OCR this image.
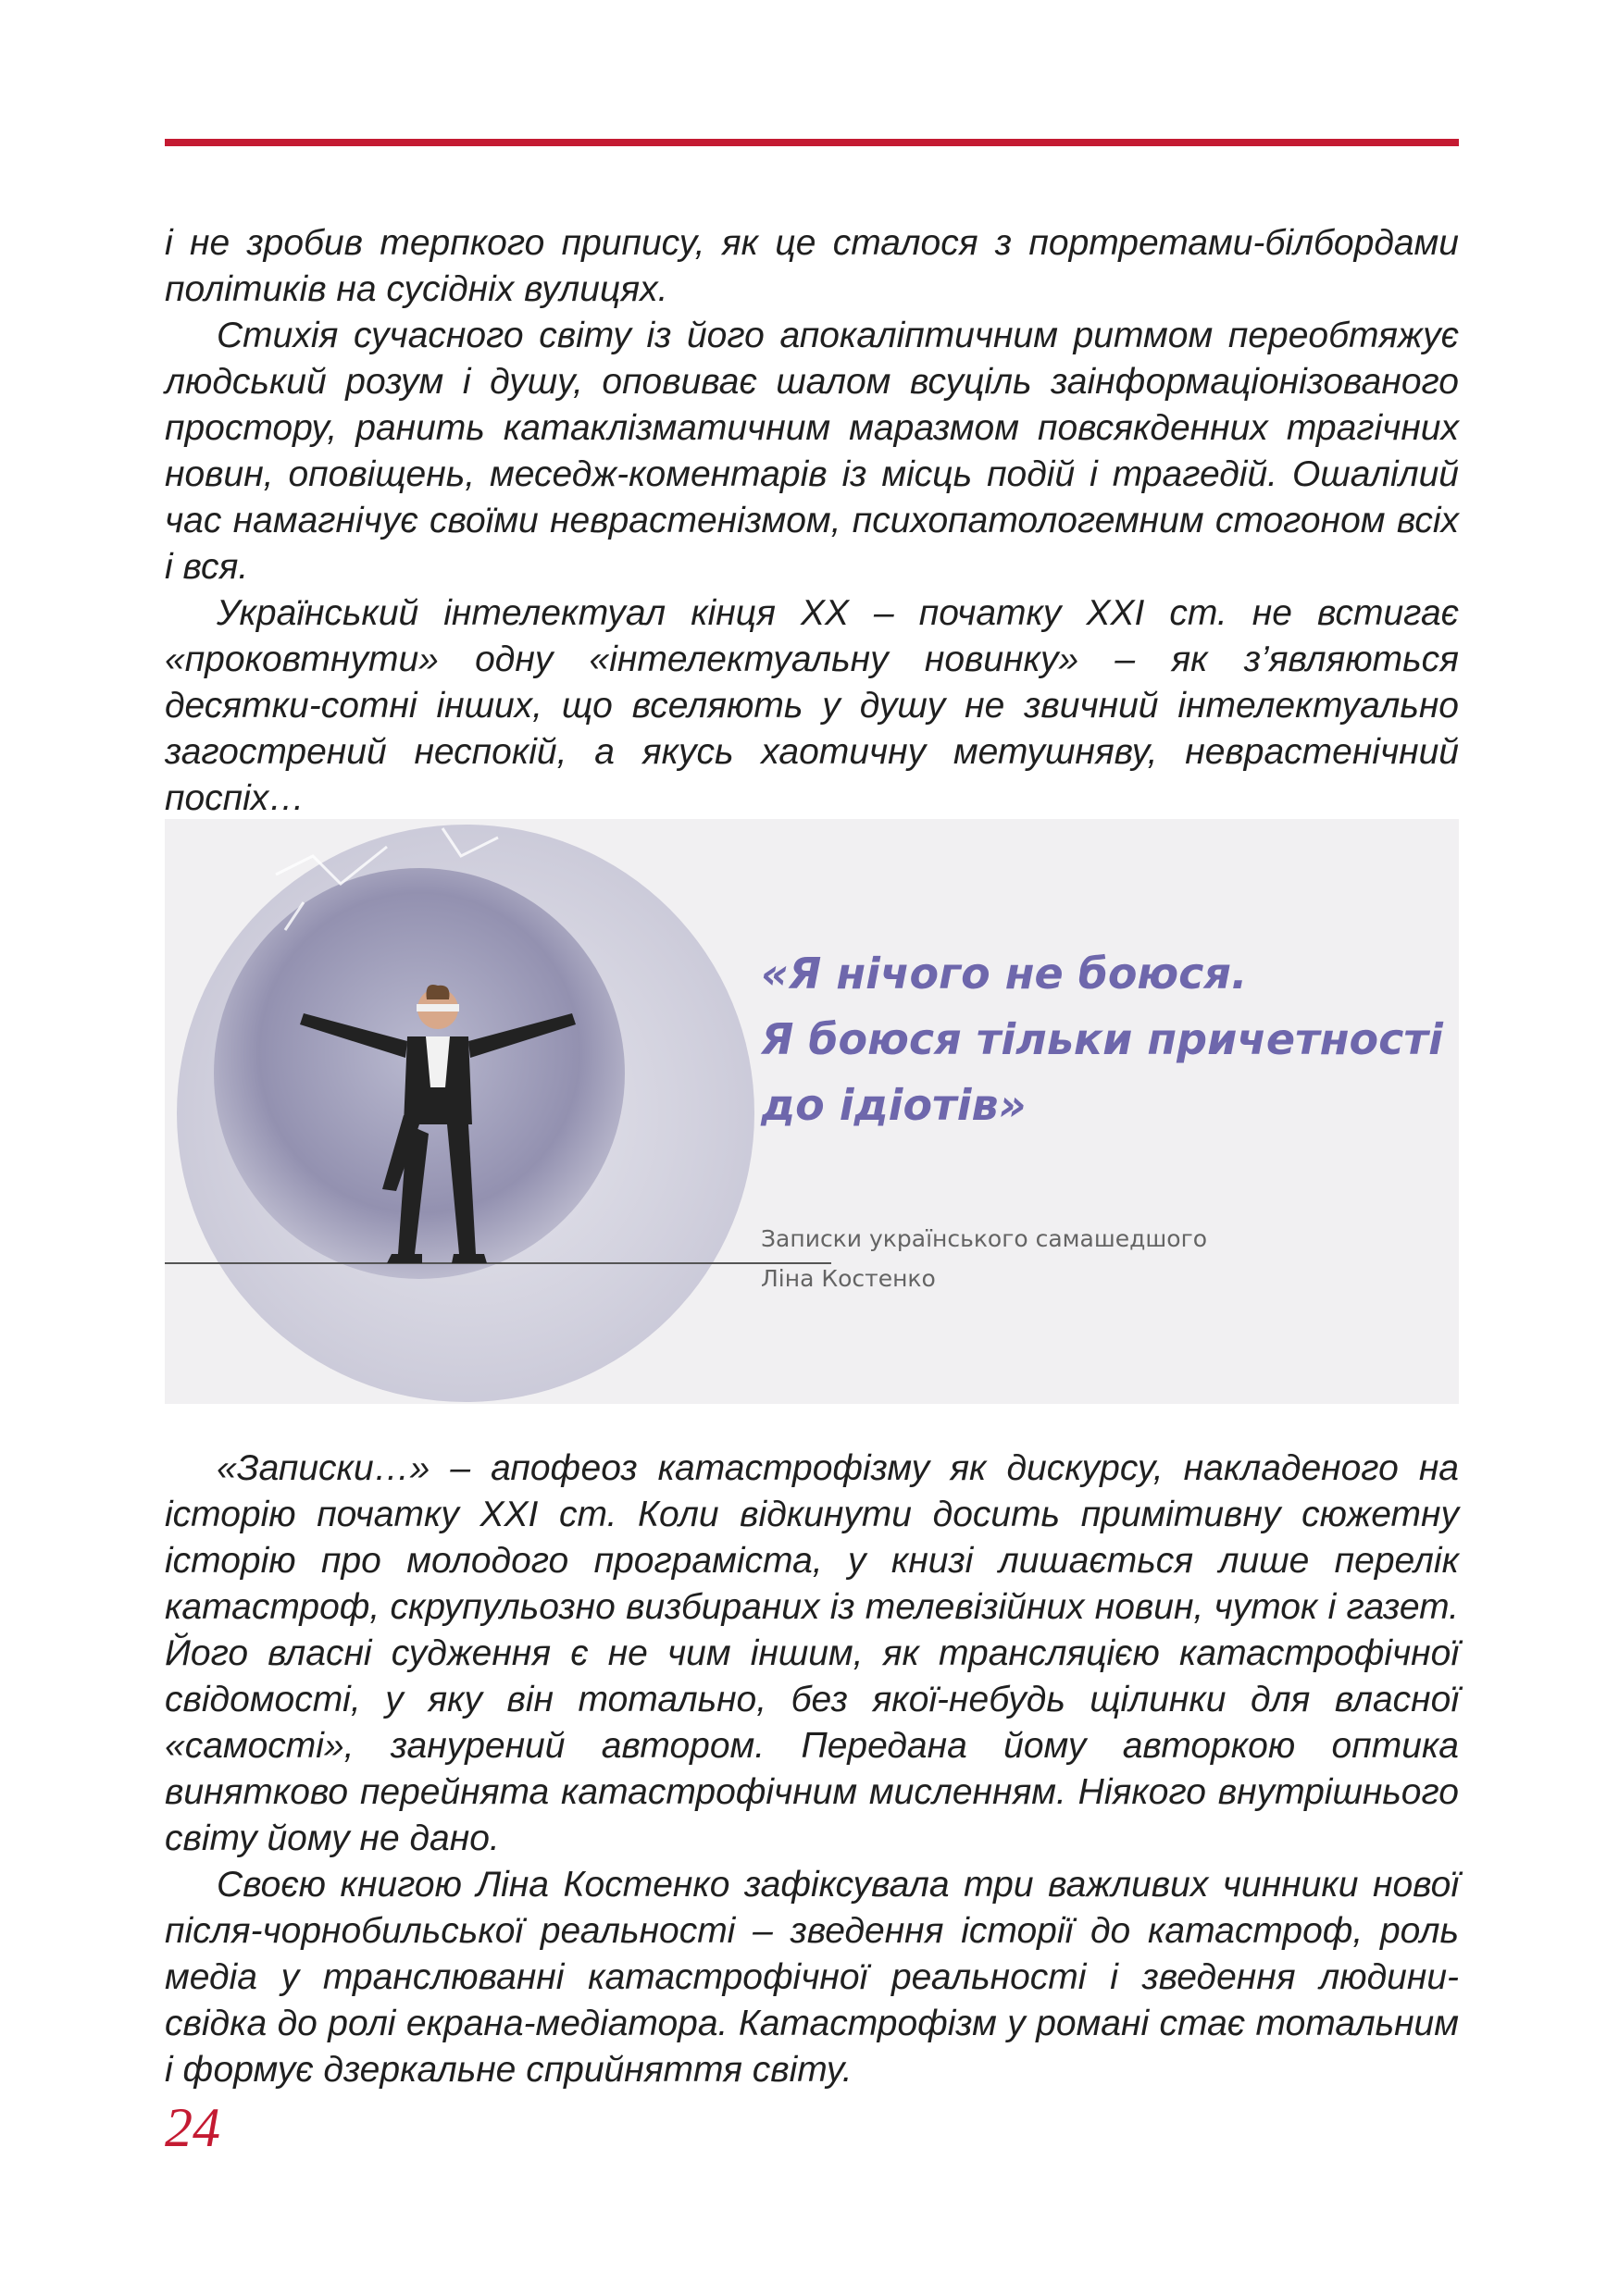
і не зробив терпкого припису, як це сталося з портретами-білбордами політиків на сусідніх вулицях.

Стихія сучасного світу із його апокаліптичним ритмом переобтяжує людський розум і душу, оповиває шалом всуціль заінформаціонізованого простору, ранить катаклізматичним маразмом повсякденних трагічних новин, оповіщень, меседж-коментарів із місць подій і трагедій. Ошалілий час намагнічує своїми неврастенізмом, психопатологемним стогоном всіх і вся.

Український інтелектуал кінця ХХ – початку ХХІ ст. не встигає «проковтнути» одну «інтелектуальну новинку» – як з’являються десятки-сотні інших, що вселяють у душу не звичний інтелектуально загострений неспокій, а якусь хаотичну метушняву, неврастенічний поспіх…

«Я нічого не боюся.
Я боюся тільки причетності
до ідіотів»
Записки українського самашедшого
Ліна Костенко

«Записки…» – апофеоз катастрофізму як дискурсу, накладеного на історію початку ХХІ ст. Коли відкинути досить примітивну сюжетну історію про молодого програміста, у книзі лишається лише перелік катастроф, скрупульозно визбираних із телевізійних новин, чуток і газет. Його власні судження є не чим іншим, як трансляцією катастрофічної свідомості, у яку він тотально, без якої-небудь щілинки для власної «самості», занурений автором. Передана йому авторкою оптика винятково перейнята катастрофічним мисленням. Ніякого внутрішнього світу йому не дано.

Своєю книгою Ліна Костенко зафіксувала три важливих чинники нової після-чорнобильської реальності – зведення історії до катастроф, роль медіа у транслюванні катастрофічної реальності і зведення людини-свідка до ролі екрана-медіатора. Катастрофізм у романі стає тотальним і формує дзеркальне сприйняття світу.

24
